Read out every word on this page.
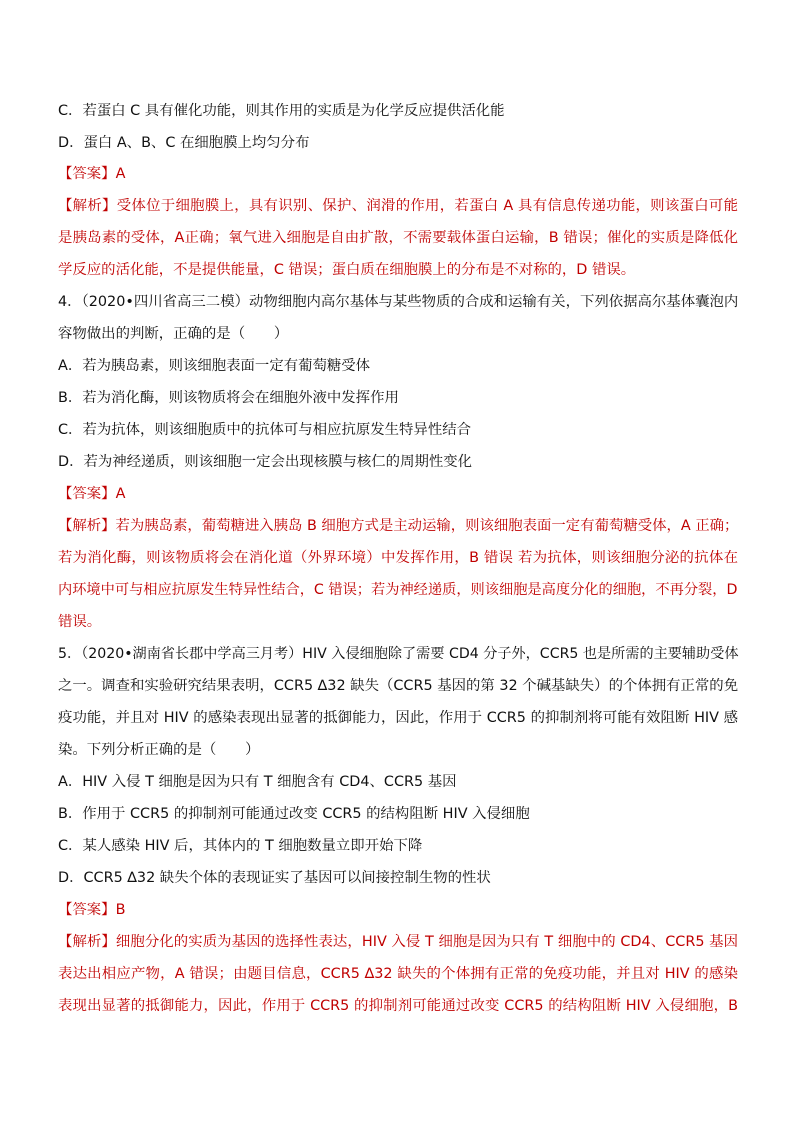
C．若蛋白 C 具有催化功能，则其作用的实质是为化学反应提供活化能
D．蛋白 A、B、C 在细胞膜上均匀分布
【答案】A
【解析】受体位于细胞膜上，具有识别、保护、润滑的作用，若蛋白 A 具有信息传递功能，则该蛋白可能
是胰岛素的受体，A正确；氧气进入细胞是自由扩散，不需要载体蛋白运输，B 错误；催化的实质是降低化
学反应的活化能，不是提供能量，C 错误；蛋白质在细胞膜上的分布是不对称的，D 错误。
4．（2020•四川省高三二模）动物细胞内高尔基体与某些物质的合成和运输有关，下列依据高尔基体囊泡内
容物做出的判断，正确的是（　　）
A．若为胰岛素，则该细胞表面一定有葡萄糖受体
B．若为消化酶，则该物质将会在细胞外液中发挥作用
C．若为抗体，则该细胞质中的抗体可与相应抗原发生特异性结合
D．若为神经递质，则该细胞一定会出现核膜与核仁的周期性变化
【答案】A
【解析】若为胰岛素，葡萄糖进入胰岛 B 细胞方式是主动运输，则该细胞表面一定有葡萄糖受体，A 正确；
若为消化酶，则该物质将会在消化道（外界环境）中发挥作用，B 错误 若为抗体，则该细胞分泌的抗体在
内环境中可与相应抗原发生特异性结合，C 错误；若为神经递质，则该细胞是高度分化的细胞，不再分裂，D
错误。
5．（2020•湖南省长郡中学高三月考）HIV 入侵细胞除了需要 CD4 分子外，CCR5 也是所需的主要辅助受体
之一。调查和实验研究结果表明，CCR5 ∆32 缺失（CCR5 基因的第 32 个碱基缺失）的个体拥有正常的免
疫功能，并且对 HIV 的感染表现出显著的抵御能力，因此，作用于 CCR5 的抑制剂将可能有效阻断 HIV 感
染。下列分析正确的是（　　）
A．HIV 入侵 T 细胞是因为只有 T 细胞含有 CD4、CCR5 基因
B．作用于 CCR5 的抑制剂可能通过改变 CCR5 的结构阻断 HIV 入侵细胞
C．某人感染 HIV 后，其体内的 T 细胞数量立即开始下降
D．CCR5 ∆32 缺失个体的表现证实了基因可以间接控制生物的性状
【答案】B
【解析】细胞分化的实质为基因的选择性表达，HIV 入侵 T 细胞是因为只有 T 细胞中的 CD4、CCR5 基因
表达出相应产物，A 错误；由题目信息，CCR5 ∆32 缺失的个体拥有正常的免疫功能，并且对 HIV 的感染
表现出显著的抵御能力，因此，作用于 CCR5 的抑制剂可能通过改变 CCR5 的结构阻断 HIV 入侵细胞，B
